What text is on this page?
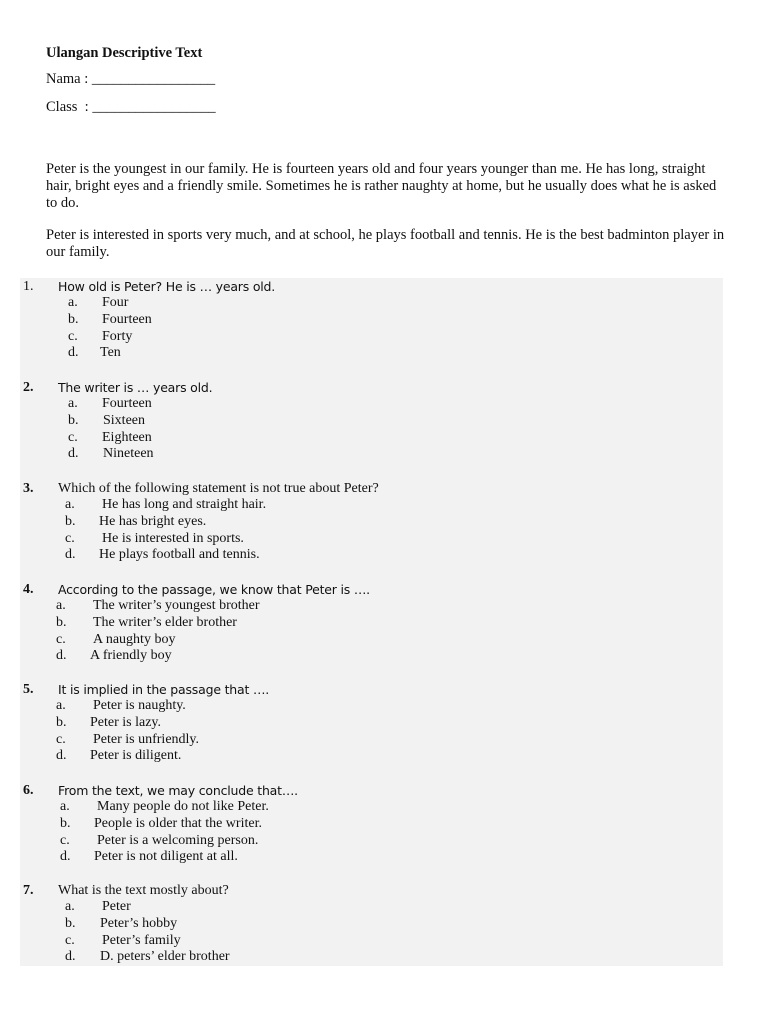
Ulangan Descriptive Text
Nama : _________________
Class  : _________________

Peter is the youngest in our family. He is fourteen years old and four years younger than me. He has long, straight hair, bright eyes and a friendly smile. Sometimes he is rather naughty at home, but he usually does what he is asked to do.

Peter is interested in sports very much, and at school, he plays football and tennis. He is the best badminton player in our family.

1. How old is Peter? He is … years old.
a. Four
b. Fourteen
c. Forty
d. Ten
2. The writer is … years old.
a. Fourteen
b. Sixteen
c. Eighteen
d. Nineteen
3. Which of the following statement is not true about Peter?
a. He has long and straight hair.
b. He has bright eyes.
c. He is interested in sports.
d. He plays football and tennis.
4. According to the passage, we know that Peter is ….
a. The writer’s youngest brother
b. The writer’s elder brother
c. A naughty boy
d. A friendly boy
5. It is implied in the passage that ….
a. Peter is naughty.
b. Peter is lazy.
c. Peter is unfriendly.
d. Peter is diligent.
6. From the text, we may conclude that….
a. Many people do not like Peter.
b. People is older that the writer.
c. Peter is a welcoming person.
d. Peter is not diligent at all.
7. What is the text mostly about?
a. Peter
b. Peter’s hobby
c. Peter’s family
d. D. peters’ elder brother
